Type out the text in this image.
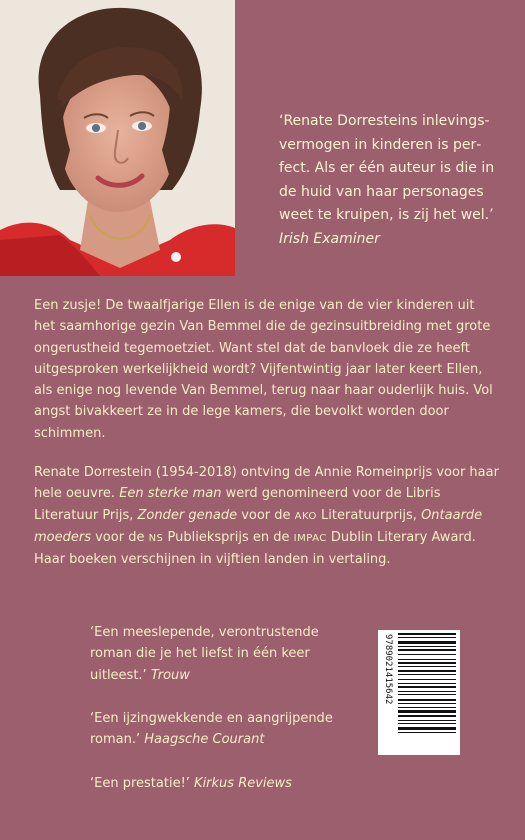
‘Renate Dorresteins inlevingsvermogen in kinderen is perfect. Als er één auteur is die in de huid van haar personages weet te kruipen, is zij het wel.’
Irish Examiner

Een zusje! De twaalfjarige Ellen is de enige van de vier kinderen uit het saamhorige gezin Van Bemmel die de gezinsuitbreiding met grote ongerustheid tegemoetziet. Want stel dat de banvloek die ze heeft uitgesproken werkelijkheid wordt? Vijfentwintig jaar later keert Ellen, als enige nog levende Van Bemmel, terug naar haar ouderlijk huis. Vol angst bivakkeert ze in de lege kamers, die bevolkt worden door schimmen.

Renate Dorrestein (1954-2018) ontving de Annie Romeinprijs voor haar hele oeuvre. Een sterke man werd genomineerd voor de Libris Literatuur Prijs, Zonder genade voor de AKO Literatuurprijs, Ontaarde moeders voor de NS Publieksprijs en de IMPAC Dublin Literary Award. Haar boeken verschijnen in vijftien landen in vertaling.
‘Een meeslepende, verontrustende roman die je het liefst in één keer uitleest.’ Trouw
‘Een ijzingwekkende en aangrijpende roman.’ Haagsche Courant
‘Een prestatie!’ Kirkus Reviews
9789021415642
